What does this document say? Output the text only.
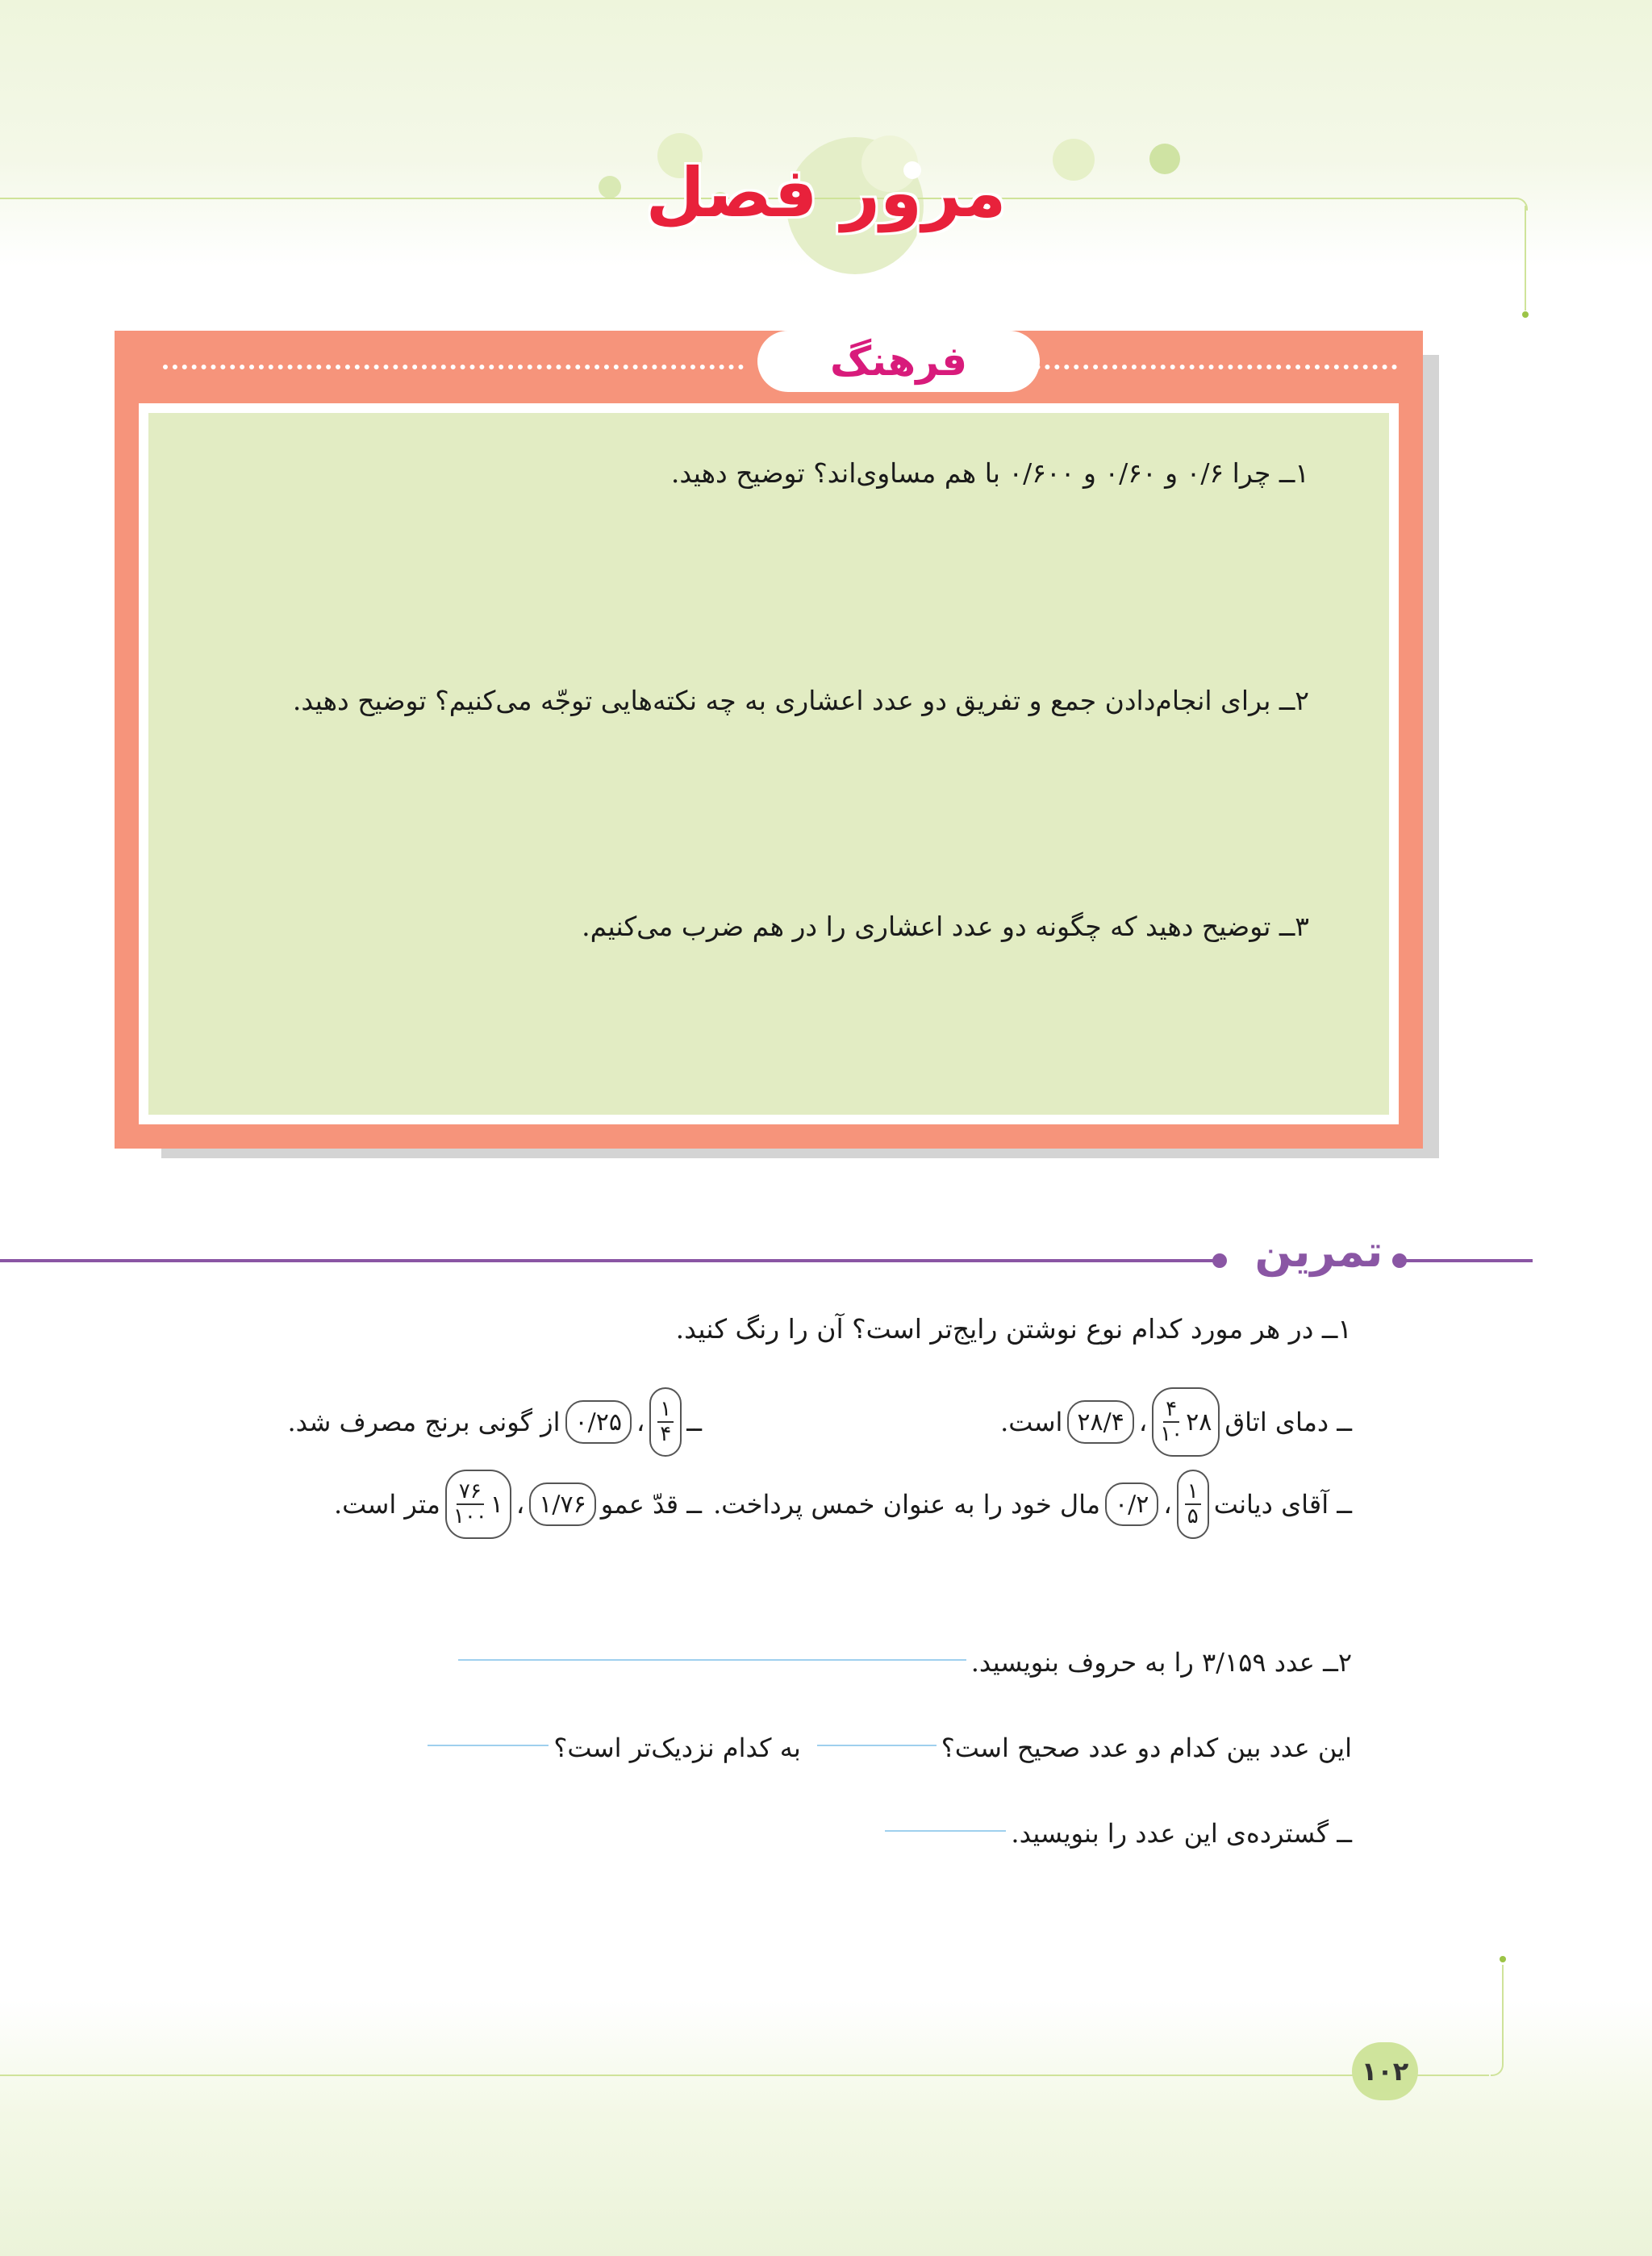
مرور فصل
فرهنگ
۱ــ چرا ۰/۶ و ۰/۶۰ و ۰/۶۰۰ با هم مساوی‌اند؟ توضیح دهید.
۲ــ برای انجام‌دادن جمع و تفریق دو عدد اعشاری به چه نکته‌هایی توجّه می‌کنیم؟ توضیح دهید.
۳ــ توضیح دهید که چگونه دو عدد اعشاری را در هم ضرب می‌کنیم.
تمرین
۱ــ در هر مورد کدام نوع نوشتن رایج‌تر است؟ آن را رنگ کنید.
ــ دمای اتاق
۲۸
$\frac{۴}{۱۰}$
،
۲۸/۴
است.
ــ
$\frac{۱}{۴}$
،
۰/۲۵
از گونی برنج مصرف شد.
ــ آقای دیانت
$\frac{۱}{۵}$
،
۰/۲
مال خود را به عنوان خمس پرداخت.
ــ قدّ عمو
۱/۷۶
،
۱
$\frac{۷۶}{۱۰۰}$
متر است.
۲ــ عدد ۳/۱۵۹ را به حروف بنویسید.
این عدد بین کدام دو عدد صحیح است؟
به کدام نزدیک‌تر است؟
ــ گسترده‌ی این عدد را بنویسید.
۱۰۲
